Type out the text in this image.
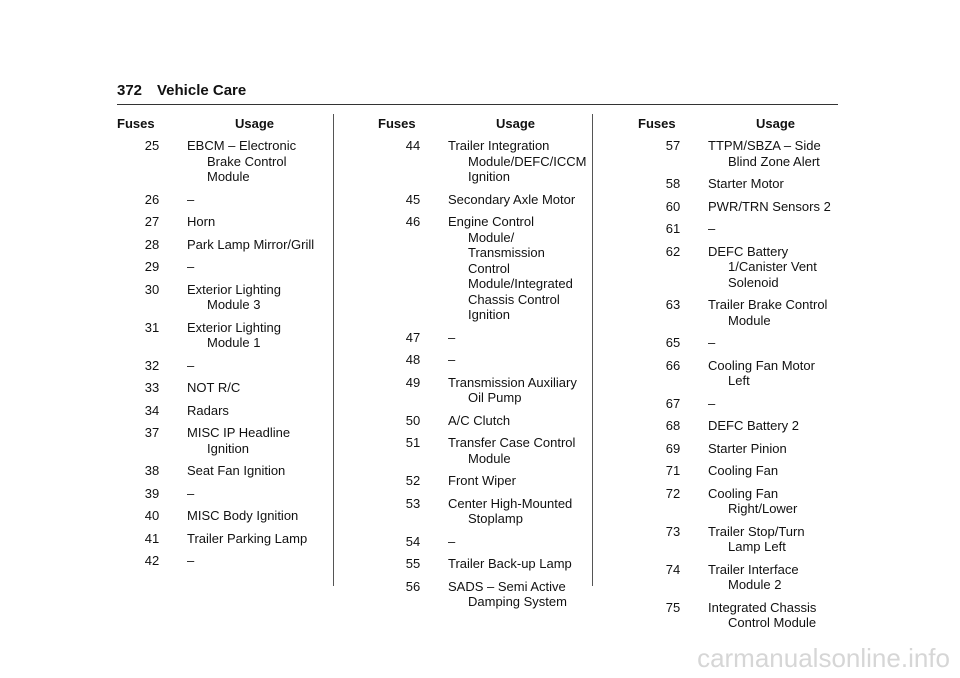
372 Vehicle Care
Fuses	Usage
25	EBCM – Electronic Brake Control Module
26	–
27	Horn
28	Park Lamp Mirror/Grill
29	–
30	Exterior Lighting Module 3
31	Exterior Lighting Module 1
32	–
33	NOT R/C
34	Radars
37	MISC IP Headline Ignition
38	Seat Fan Ignition
39	–
40	MISC Body Ignition
41	Trailer Parking Lamp
42	–
Fuses	Usage
44	Trailer Integration Module/DEFC/ICCM Ignition
45	Secondary Axle Motor
46	Engine Control Module/ Transmission Control Module/Integrated Chassis Control Ignition
47	–
48	–
49	Transmission Auxiliary Oil Pump
50	A/C Clutch
51	Transfer Case Control Module
52	Front Wiper
53	Center High-Mounted Stoplamp
54	–
55	Trailer Back-up Lamp
56	SADS – Semi Active Damping System
Fuses	Usage
57	TTPM/SBZA – Side Blind Zone Alert
58	Starter Motor
60	PWR/TRN Sensors 2
61	–
62	DEFC Battery 1/Canister Vent Solenoid
63	Trailer Brake Control Module
65	–
66	Cooling Fan Motor Left
67	–
68	DEFC Battery 2
69	Starter Pinion
71	Cooling Fan
72	Cooling Fan Right/Lower
73	Trailer Stop/Turn Lamp Left
74	Trailer Interface Module 2
75	Integrated Chassis Control Module
carmanualsonline.info
